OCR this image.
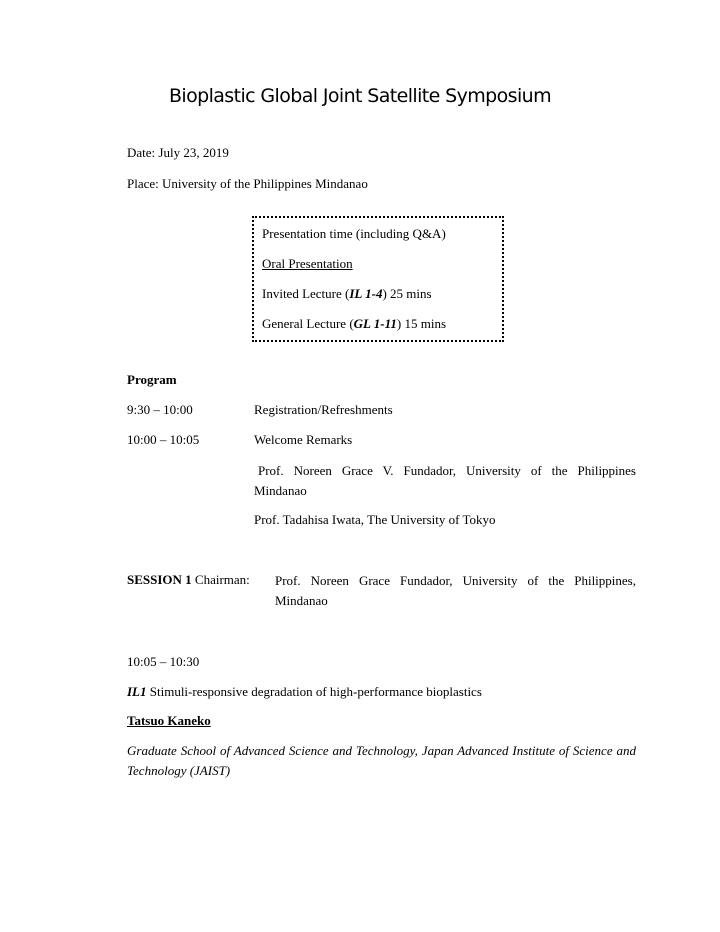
Bioplastic Global Joint Satellite Symposium
Date: July 23, 2019
Place: University of the Philippines Mindanao
Presentation time (including Q&A)
Oral Presentation
Invited Lecture (IL 1-4) 25 mins
General Lecture (GL 1-11) 15 mins
Program
9:30 – 10:00	Registration/Refreshments
10:00 – 10:05	Welcome Remarks
Prof. Noreen Grace V. Fundador, University of the Philippines Mindanao
Prof. Tadahisa Iwata, The University of Tokyo
SESSION 1 Chairman: Prof. Noreen Grace Fundador, University of the Philippines, Mindanao
10:05 – 10:30
IL1 Stimuli-responsive degradation of high-performance bioplastics
Tatsuo Kaneko
Graduate School of Advanced Science and Technology, Japan Advanced Institute of Science and Technology (JAIST)
